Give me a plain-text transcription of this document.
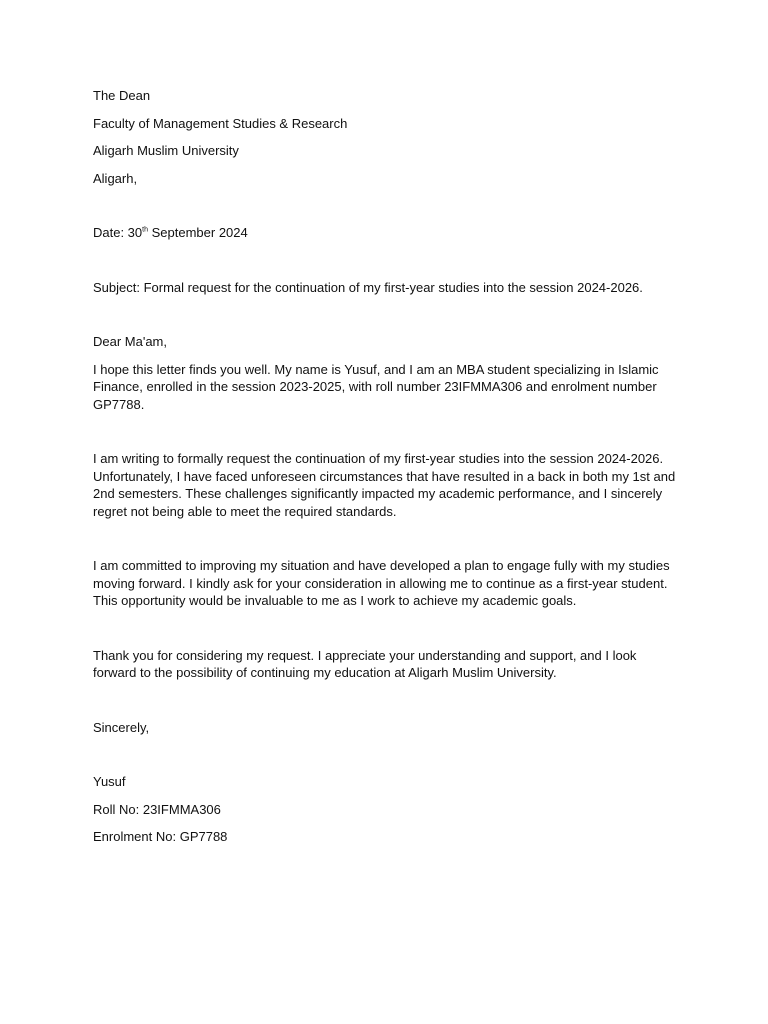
The Dean

Faculty of Management Studies & Research

Aligarh Muslim University

Aligarh,

Date: 30th September 2024

Subject: Formal request for the continuation of my first-year studies into the session 2024-2026.

Dear Ma'am,

I hope this letter finds you well. My name is Yusuf, and I am an MBA student specializing in Islamic Finance, enrolled in the session 2023-2025, with roll number 23IFMMA306 and enrolment number GP7788.

I am writing to formally request the continuation of my first-year studies into the session 2024-2026. Unfortunately, I have faced unforeseen circumstances that have resulted in a back in both my 1st and 2nd semesters. These challenges significantly impacted my academic performance, and I sincerely regret not being able to meet the required standards.

I am committed to improving my situation and have developed a plan to engage fully with my studies moving forward. I kindly ask for your consideration in allowing me to continue as a first-year student. This opportunity would be invaluable to me as I work to achieve my academic goals.

Thank you for considering my request. I appreciate your understanding and support, and I look forward to the possibility of continuing my education at Aligarh Muslim University.

Sincerely,

Yusuf

Roll No: 23IFMMA306

Enrolment No: GP7788
